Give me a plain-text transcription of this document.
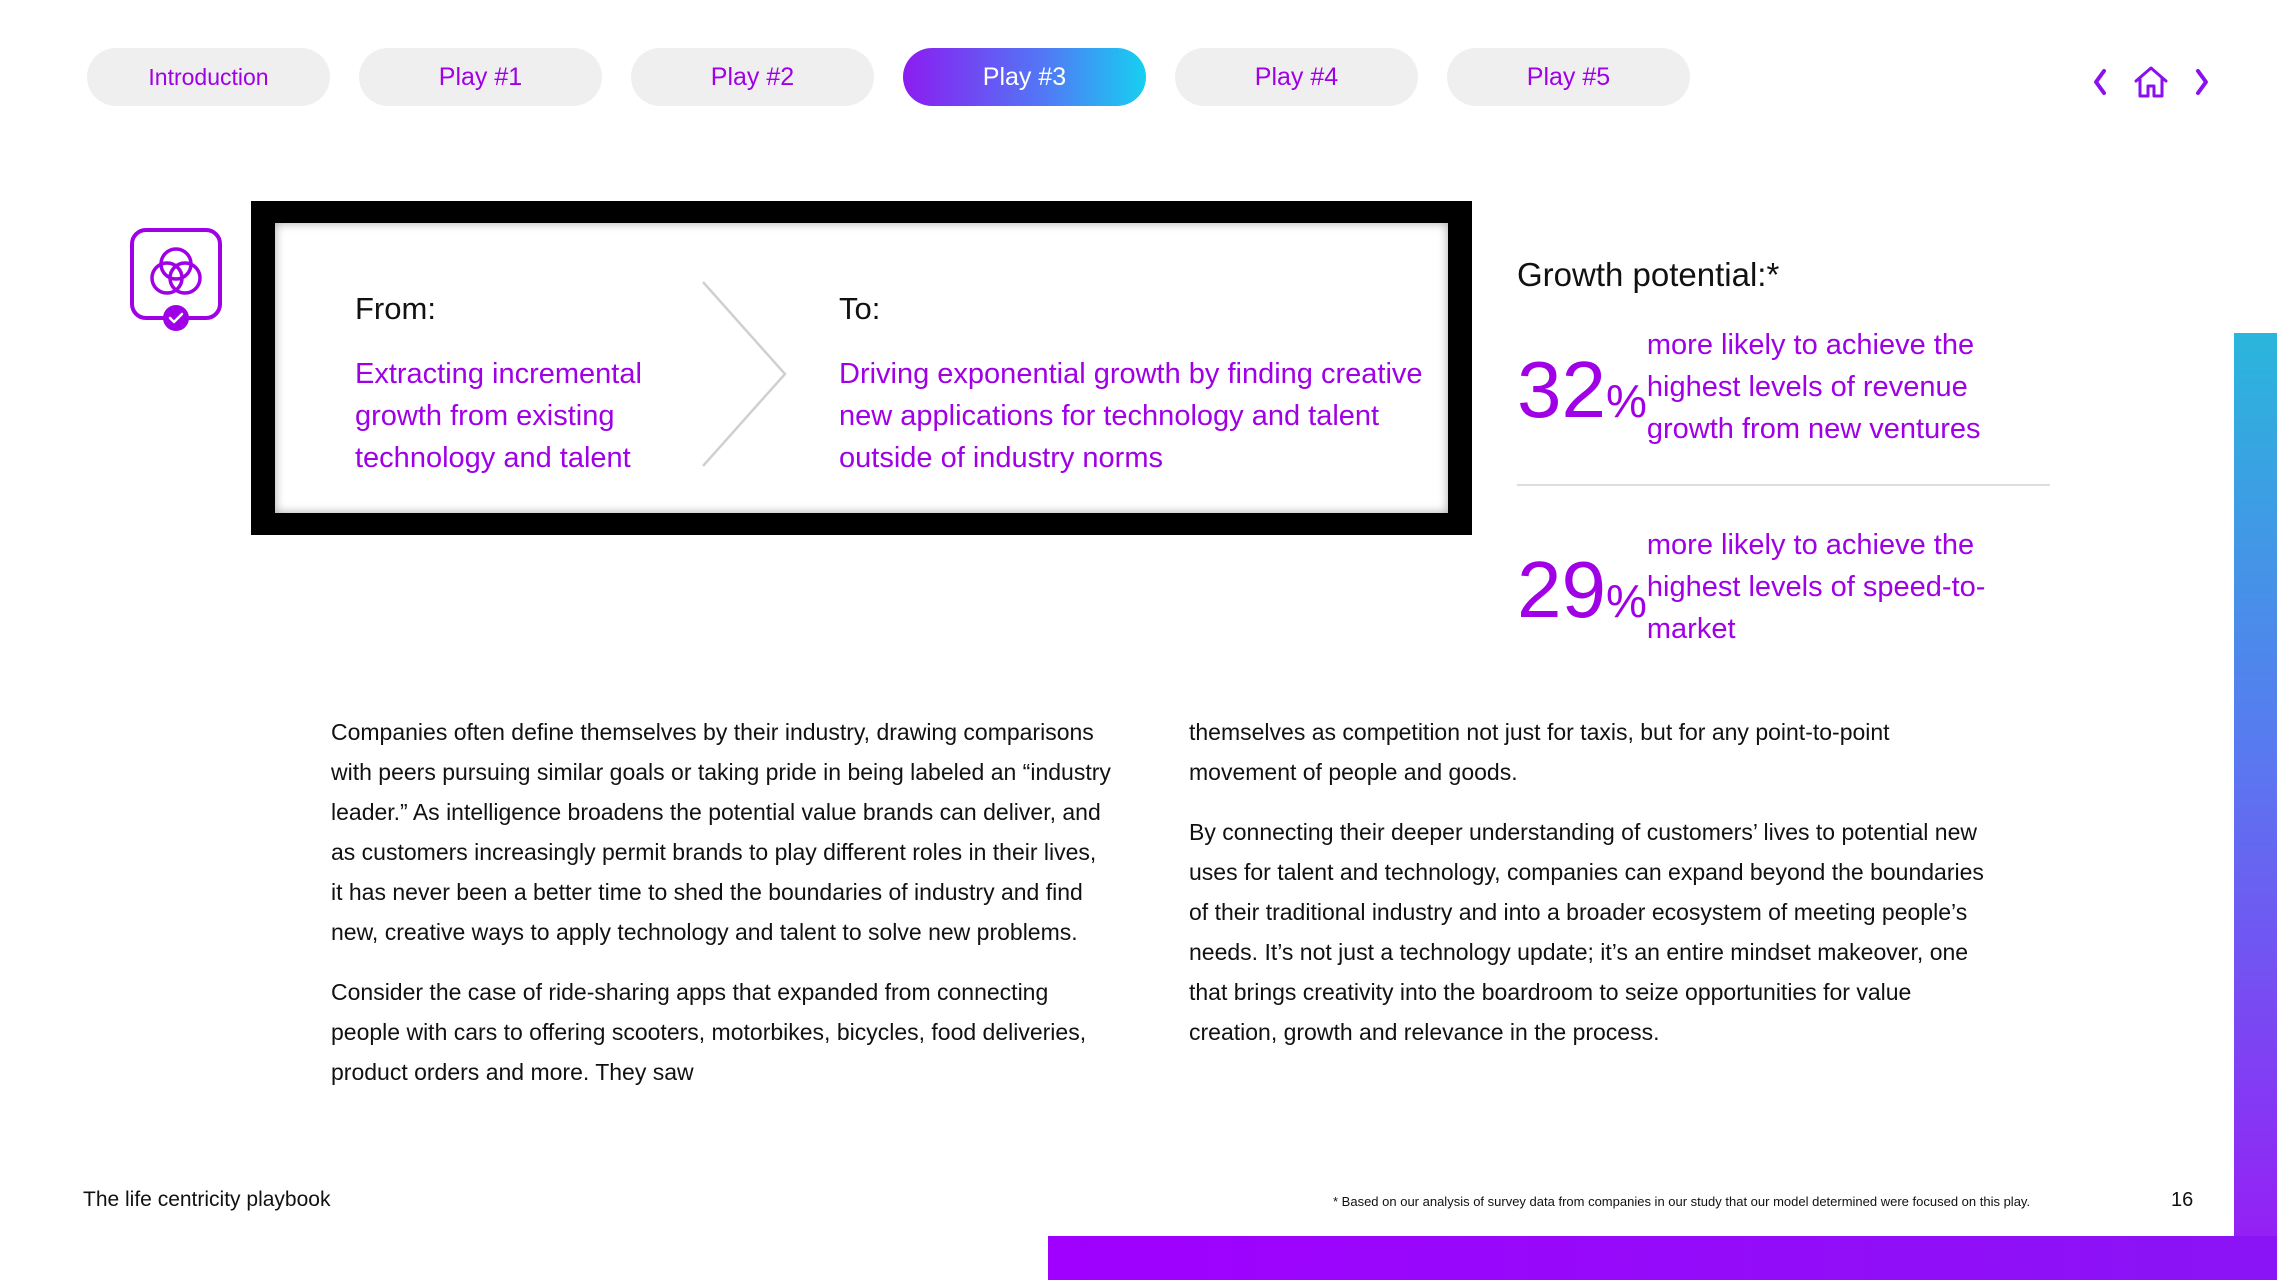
Introduction	Play #1	Play #2	Play #3	Play #4	Play #5

From:

Extracting incremental growth from existing technology and talent

To:

Driving exponential growth by finding creative new applications for technology and talent outside of industry norms

Growth potential:*

32%
more likely to achieve the highest levels of revenue growth from new ventures
29%
more likely to achieve the highest levels of speed-to-market

Companies often define themselves by their industry, drawing comparisons with peers pursuing similar goals or taking pride in being labeled an “industry leader.” As intelligence broadens the potential value brands can deliver, and as customers increasingly permit brands to play different roles in their lives, it has never been a better time to shed the boundaries of industry and find new, creative ways to apply technology and talent to solve new problems.

Consider the case of ride-sharing apps that expanded from connecting people with cars to offering scooters, motorbikes, bicycles, food deliveries, product orders and more. They saw

themselves as competition not just for taxis, but for any point-to-point movement of people and goods.

By connecting their deeper understanding of customers’ lives to potential new uses for talent and technology, companies can expand beyond the boundaries of their traditional industry and into a broader ecosystem of meeting people’s needs. It’s not just a technology update; it’s an entire mindset makeover, one that brings creativity into the boardroom to seize opportunities for value creation, growth and relevance in the process.

The life centricity playbook	* Based on our analysis of survey data from companies in our study that our model determined were focused on this play.	16
